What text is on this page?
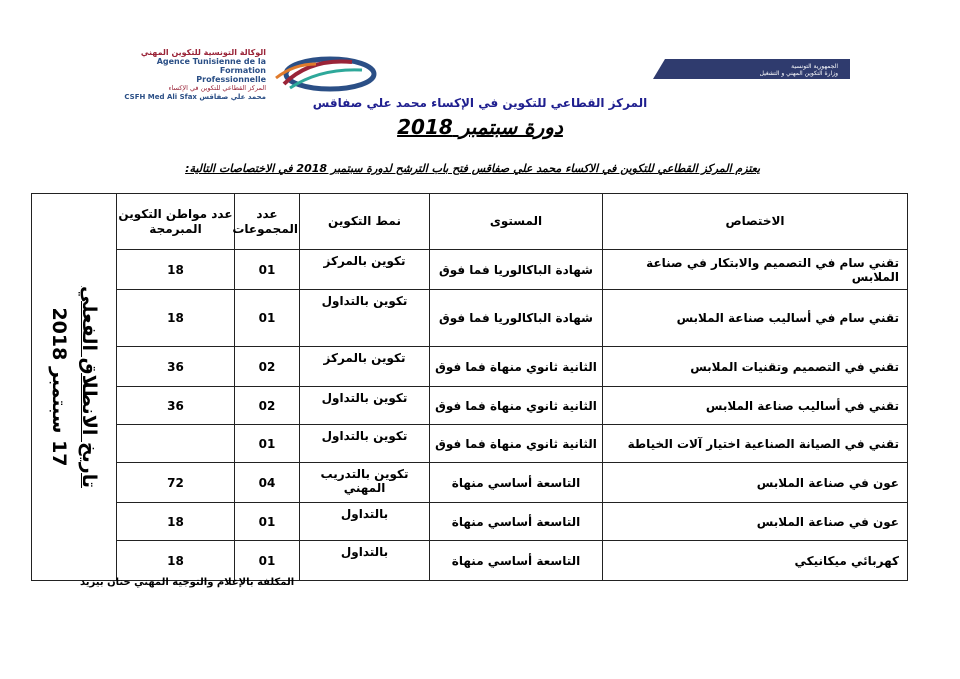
الوكالة التونسية للتكوين المهني
Agence Tunisienne de la Formation
Professionnelle
المركز القطاعي للتكوين في الإكساء
CSFH Med Ali Sfax محمد علي صفاقس
الجمهورية التونسية
وزارة التكوين المهني و التشغيل
المركز القطاعي للتكوين في الإكساء محمد علي صفاقس
دورة سبتمبر 2018
يعتزم المركز القطاعي للتكوين في الاكساء محمد علي صفاقس فتح باب الترشح لدورة سبتمبر 2018 في الاختصاصات التالية:
تاريخ الانطلاق الفعلي
17 سبتمبر 2018	عدد مواطن التكوين المبرمجة	عدد المجموعات	نمط التكوين	المستوى	الاختصاص
	18	01	تكوين بالمركز	شهادة الباكالوريا فما فوق	تقني سام في التصميم والابتكار في صناعة الملابس
	18	01	تكوين بالتداول	شهادة الباكالوريا فما فوق	تقني سام في أساليب صناعة الملابس
	36	02	تكوين بالمركز	الثانية ثانوي منهاة فما فوق	تقني في التصميم وتقنيات الملابس
	36	02	تكوين بالتداول	الثانية ثانوي منهاة فما فوق	تقني في أساليب صناعة الملابس
		01	تكوين بالتداول	الثانية ثانوي منهاة فما فوق	تقني في الصيانة الصناعية اختيار آلات الخياطة
	72	04	تكوين بالتدريب المهني	التاسعة أساسي منهاة	عون في صناعة الملابس
	18	01	بالتداول	التاسعة أساسي منهاة	عون في صناعة الملابس
	18	01	بالتداول	التاسعة أساسي منهاة	كهربائي ميكانيكي
المكلفة بالإعلام والتوجيه المهني حنان بيزيد
